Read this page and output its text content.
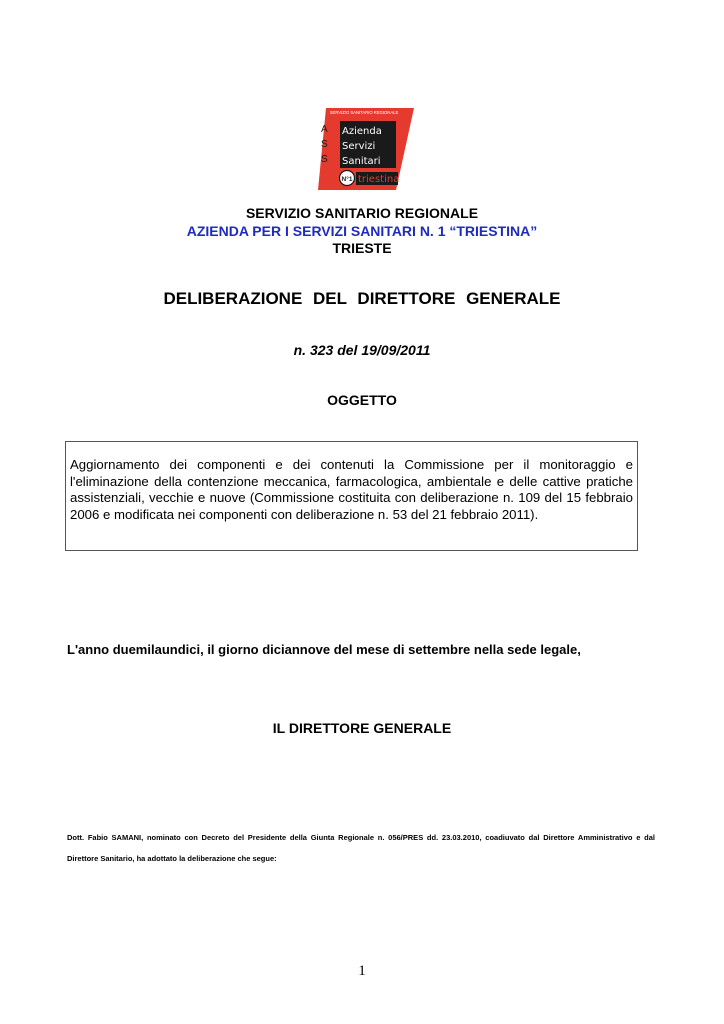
SERVIZIO SANITARIO REGIONALE
A
S
S
Azienda
Servizi
Sanitari
N°1 triestina
SERVIZIO SANITARIO REGIONALE
AZIENDA PER I SERVIZI SANITARI N. 1 “TRIESTINA”
TRIESTE
DELIBERAZIONE DEL DIRETTORE GENERALE
n. 323 del 19/09/2011
OGGETTO
Aggiornamento dei componenti e dei contenuti la Commissione per il monitoraggio e l'eliminazione della contenzione meccanica, farmacologica, ambientale e delle cattive pratiche assistenziali, vecchie e nuove (Commissione costituita con deliberazione n. 109 del 15 febbraio 2006 e modificata nei componenti con deliberazione n. 53 del 21 febbraio 2011).
L'anno duemilaundici, il giorno diciannove del mese di settembre nella sede legale,
IL DIRETTORE GENERALE
Dott. Fabio SAMANI, nominato con Decreto del Presidente della Giunta Regionale n. 056/PRES dd. 23.03.2010, coadiuvato dal Direttore Amministrativo e dal Direttore Sanitario, ha adottato la deliberazione che segue:
1
